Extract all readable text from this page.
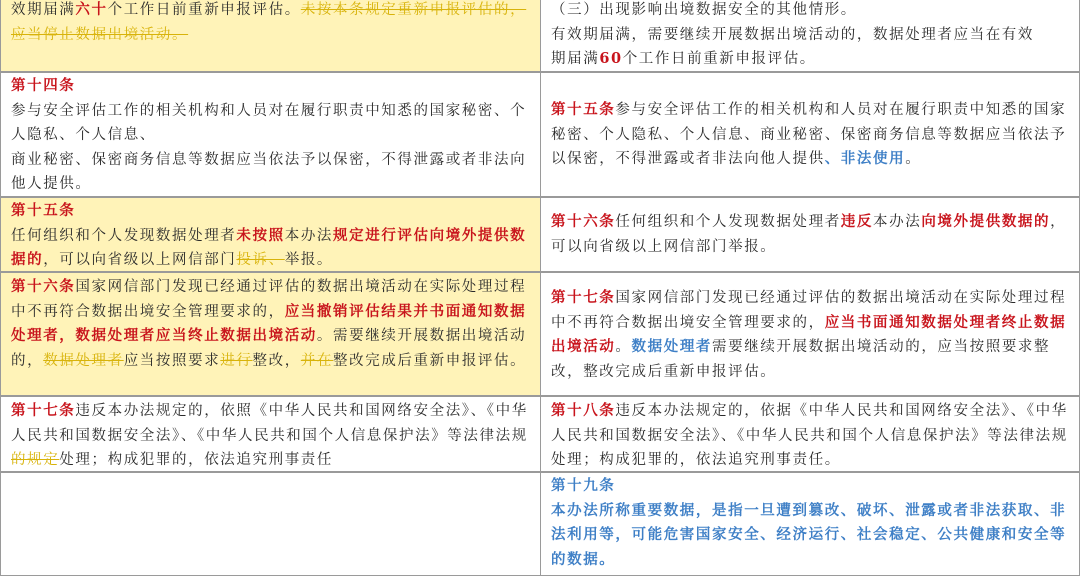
效期届满六十个工作日前重新申报评估。未按本条规定重新申报评估的，应当停止数据出境活动。

（三）出现影响出境数据安全的其他情形。

有效期届满，需要继续开展数据出境活动的，数据处理者应当在有效

期届满60个工作日前重新申报评估。

第十四条

参与安全评估工作的相关机构和人员对在履行职责中知悉的国家秘密、个人隐私、个人信息、

商业秘密、保密商务信息等数据应当依法予以保密，不得泄露或者非法向他人提供。

第十五条参与安全评估工作的相关机构和人员对在履行职责中知悉的国家秘密、个人隐私、个人信息、商业秘密、保密商务信息等数据应当依法予以保密，不得泄露或者非法向他人提供、非法使用。

第十五条

任何组织和个人发现数据处理者未按照本办法规定进行评估向境外提供数据的，可以向省级以上网信部门投诉、举报。

第十六条任何组织和个人发现数据处理者违反本办法向境外提供数据的，可以向省级以上网信部门举报。

第十六条国家网信部门发现已经通过评估的数据出境活动在实际处理过程中不再符合数据出境安全管理要求的，应当撤销评估结果并书面通知数据处理者，数据处理者应当终止数据出境活动。需要继续开展数据出境活动的，数据处理者应当按照要求进行整改，并在整改完成后重新申报评估。

第十七条国家网信部门发现已经通过评估的数据出境活动在实际处理过程中不再符合数据出境安全管理要求的，应当书面通知数据处理者终止数据出境活动。数据处理者需要继续开展数据出境活动的，应当按照要求整改，整改完成后重新申报评估。

第十七条违反本办法规定的，依照《中华人民共和国网络安全法》、《中华人民共和国数据安全法》、《中华人民共和国个人信息保护法》等法律法规的规定处理；构成犯罪的，依法追究刑事责任

第十八条违反本办法规定的，依据《中华人民共和国网络安全法》、《中华人民共和国数据安全法》、《中华人民共和国个人信息保护法》等法律法规处理；构成犯罪的，依法追究刑事责任。

第十九条

本办法所称重要数据，是指一旦遭到篡改、破坏、泄露或者非法获取、非法利用等，可能危害国家安全、经济运行、社会稳定、公共健康和安全等的数据。
